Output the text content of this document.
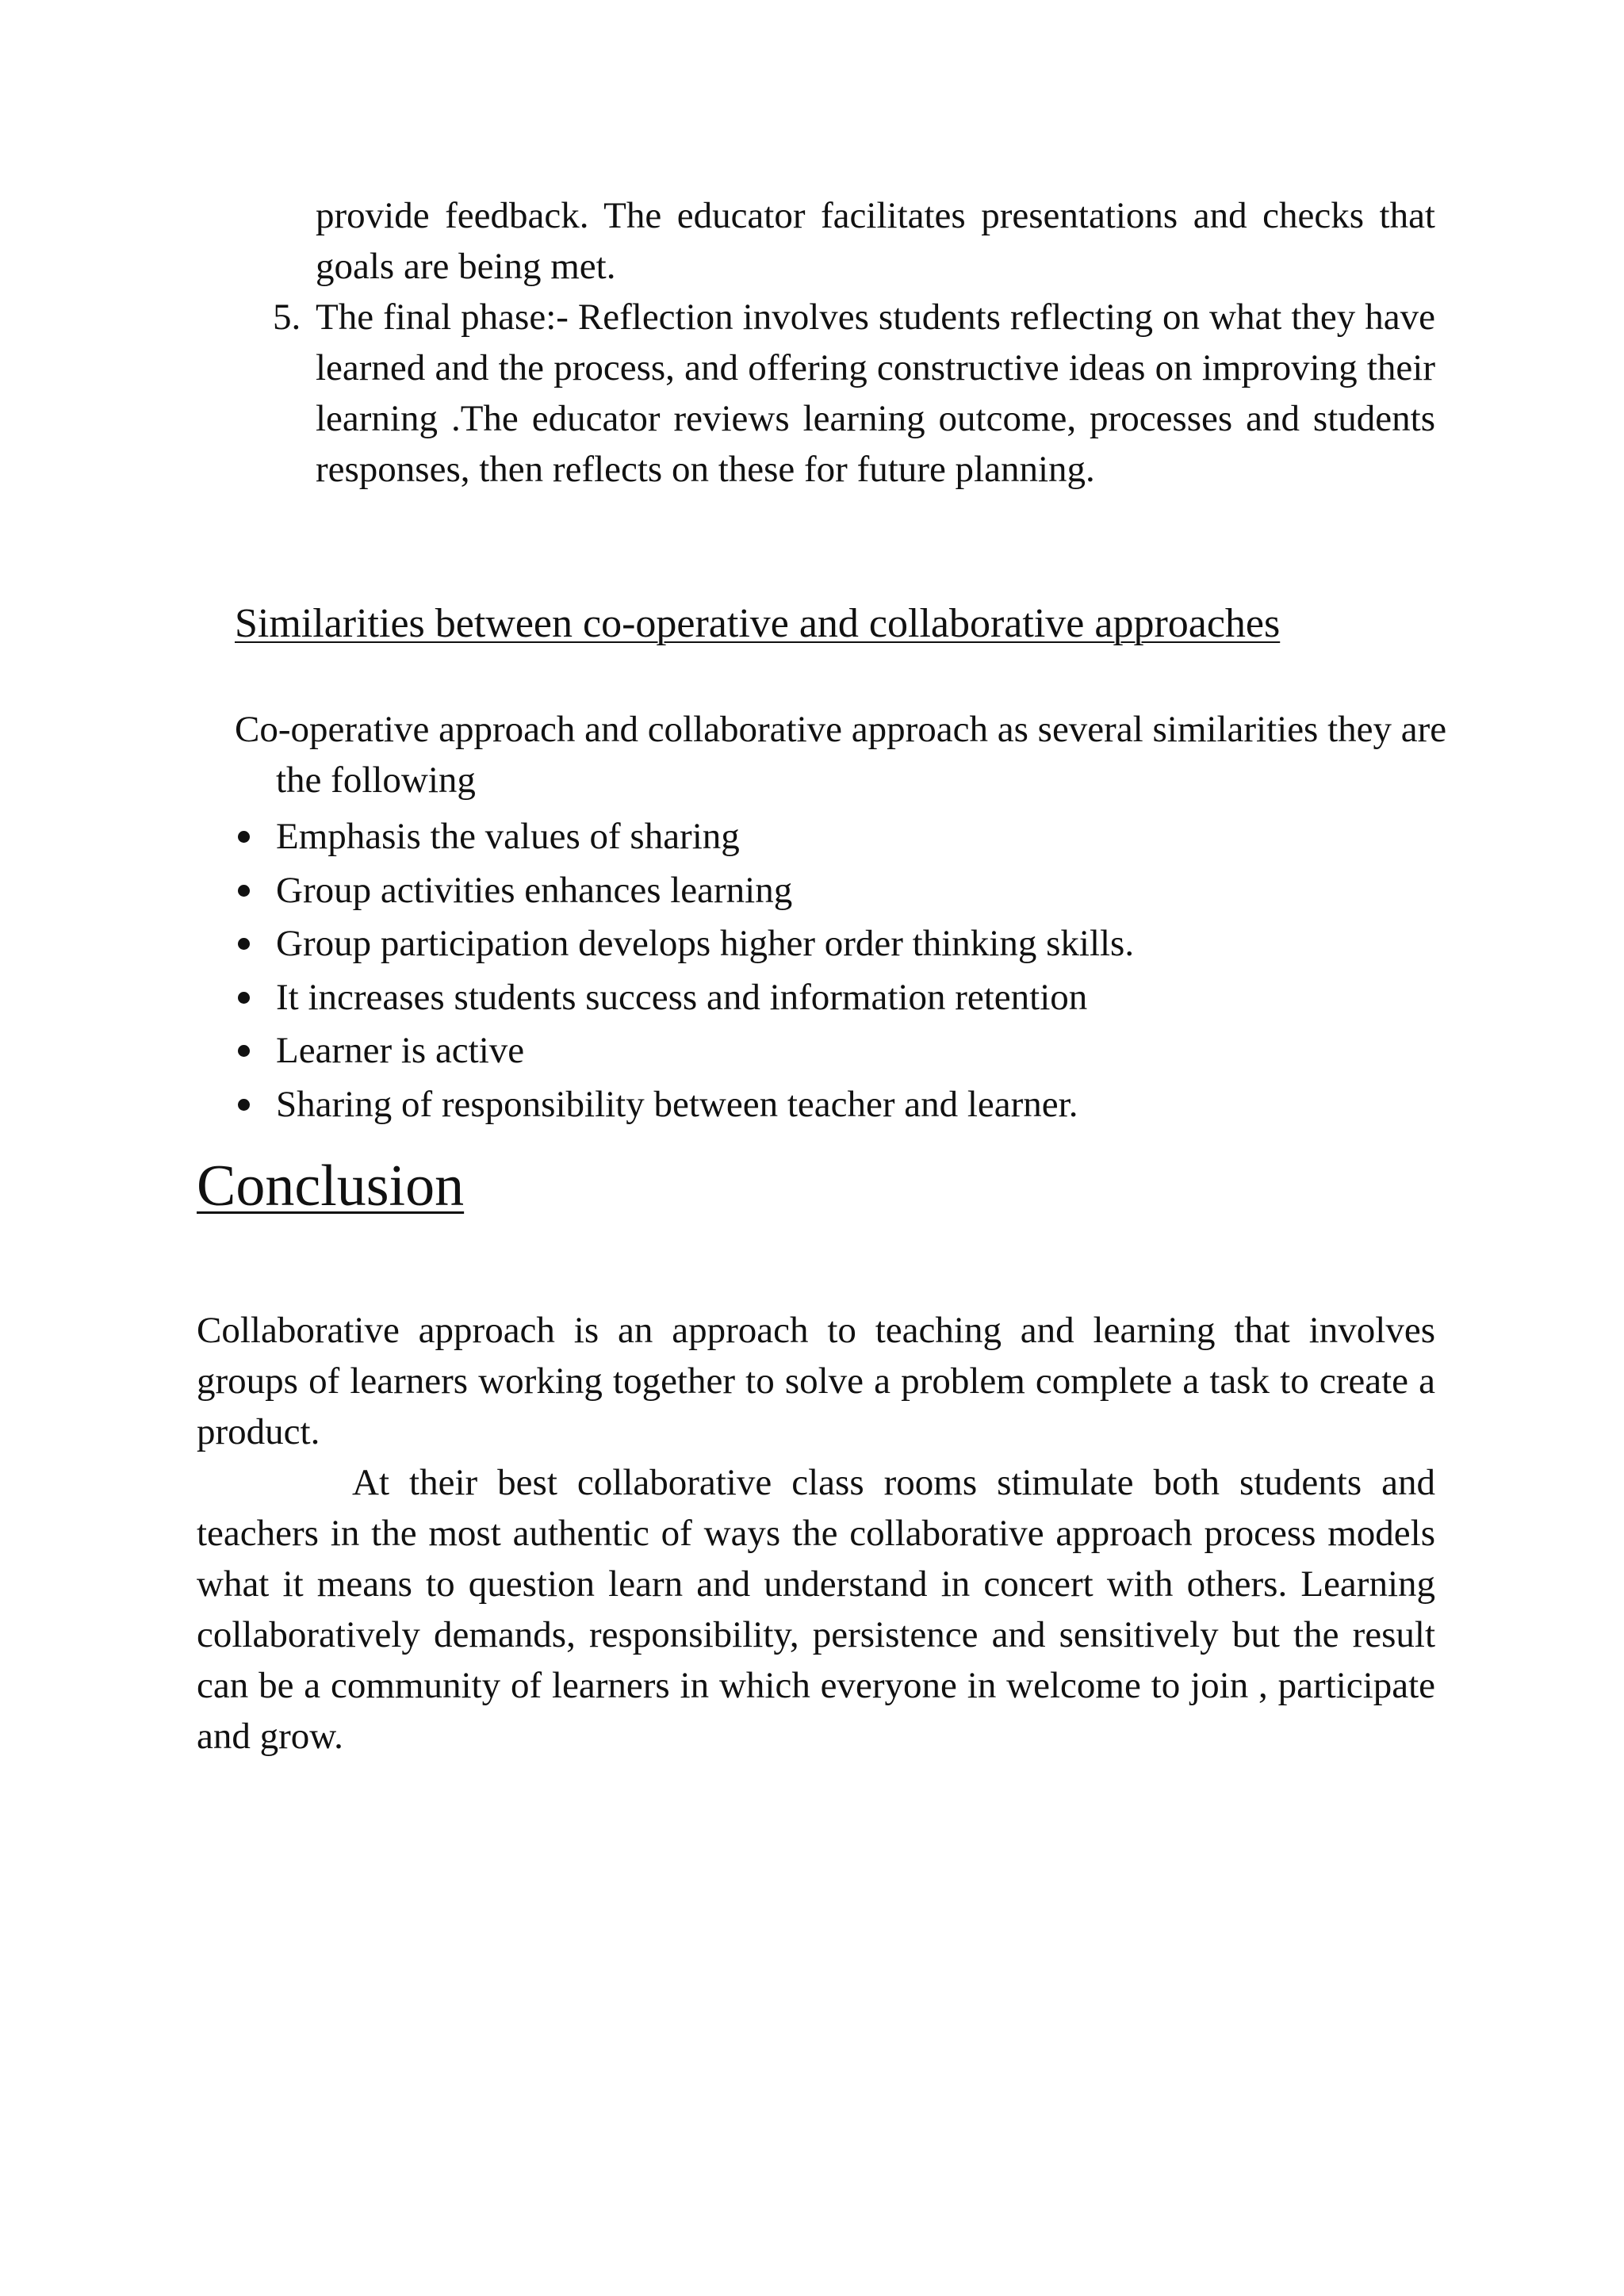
provide feedback. The educator facilitates presentations and checks that goals are being met.

5. The final phase:- Reflection involves students reflecting on what they have learned and the process, and offering constructive ideas on improving their learning .The educator reviews learning outcome, processes and students responses, then reflects on these for future planning.
Similarities between co-operative and collaborative approaches

Co-operative approach and collaborative approach as several similarities they are the following

Emphasis the values of sharing
Group activities enhances learning
Group participation develops higher order thinking skills.
It increases students success and information retention
Learner is active
Sharing of responsibility between teacher and learner.
Conclusion

Collaborative approach is an approach to teaching and learning that involves groups of learners working together to solve a problem complete a task to create a product.

At their best collaborative class rooms stimulate both students and teachers in the most authentic of ways the collaborative approach process models what it means to question learn and understand in concert with others. Learning collaboratively demands, responsibility, persistence and sensitively but the result can be a community of learners in which everyone in welcome to join , participate and grow.
